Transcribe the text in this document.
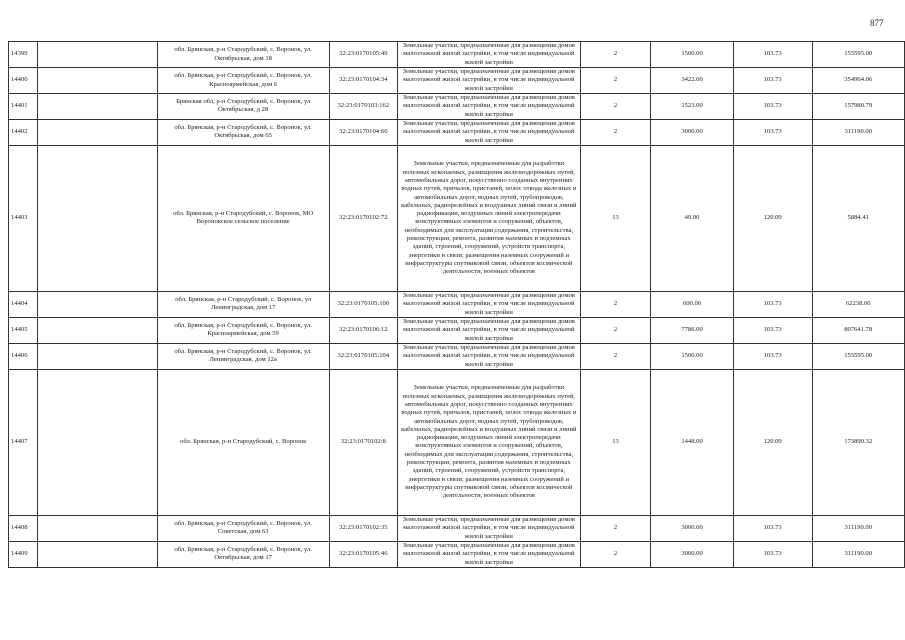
877
14399		обл. Брянская, р-н Стародубский, с. Воронок, ул. Октябрьская, дом 18	32:23:0170105:49	Земельные участки, предназначенные для размещения домов малоэтажной жилой застройки, в том числе индивидуальной жилой застройки	2	1500.00	103.73	155595.00
14400		обл. Брянская, р-н Стародубский, с. Воронок, ул. Красноармейская, дом 6	32:23:0170104:34	Земельные участки, предназначенные для размещения домов малоэтажной жилой застройки, в том числе индивидуальной жилой застройки	2	3422.00	103.73	354964.06
14401		Брянская обл, р-н Стародубский, с. Воронок, ул Октябрьская, д 28	32:23:0170103:162	Земельные участки, предназначенные для размещения домов малоэтажной жилой застройки, в том числе индивидуальной жилой застройки	2	1523.00	103.73	157980.79
14402		обл. Брянская, р-н Стародубский, с. Воронок, ул. Октябрьская, дом 65	32:23:0170104:60	Земельные участки, предназначенные для размещения домов малоэтажной жилой застройки, в том числе индивидуальной жилой застройки	2	3000.00	103.73	311190.00
14403		обл. Брянская, р-н Стародубский, с. Воронок, МО Воронокское сельское поселение	32:23:0170102:72	Земельные участки, предназначенные для разработки полезных ископаемых, размещения железнодорожных путей, автомобильных дорог, искусственно созданных внутренних водных путей, причалов, пристаней, полос отвода железных и автомобильных дорог, водных путей, трубопроводов, кабельных, радиорелейных и воздушных линий связи и линий радиофикации, воздушных линий электропередачи конструктивных элементов и сооружений, объектов, необходимых для эксплуатации,содержания, строительства, реконструкции, ремонта, развития наземных и подземных зданий, строений, сооружений, устройств транспорта, энергетики и связи; размещения наземных сооружений и инфраструктуры спутниковой связи, объектов космической деятельности, военных объектов	13	49.00	120.09	5884.41
14404		обл. Брянская, р-н Стародубский, с. Воронок, ул Ленинградская, дом 17	32:23:0170105:100	Земельные участки, предназначенные для размещения домов малоэтажной жилой застройки, в том числе индивидуальной жилой застройки	2	600.00	103.73	62238.00
14405		обл. Брянская, р-н Стародубский, с. Воронок, ул. Красноармейская, дом 59	32:23:0170106:12	Земельные участки, предназначенные для размещения домов малоэтажной жилой застройки, в том числе индивидуальной жилой застройки	2	7786.00	103.73	807641.78
14406		обл. Брянская, р-н Стародубский, с. Воронок, ул. Ленинградская, дом 12а	32:23:0170105:104	Земельные участки, предназначенные для размещения домов малоэтажной жилой застройки, в том числе индивидуальной жилой застройки	2	1500.00	103.73	155595.00
14407		обл. Брянская, р-н Стародубский, с. Воронок	32:23:0170102:8	Земельные участки, предназначенные для разработки полезных ископаемых, размещения железнодорожных путей, автомобильных дорог, искусственно созданных внутренних водных путей, причалов, пристаней, полос отвода железных и автомобильных дорог, водных путей, трубопроводов, кабельных, радиорелейных и воздушных линий связи и линий радиофикации, воздушных линий электропередачи конструктивных элементов и сооружений, объектов, необходимых для эксплуатации,содержания, строительства, реконструкции, ремонта, развития наземных и подземных зданий, строений, сооружений, устройств транспорта, энергетики и связи; размещения наземных сооружений и инфраструктуры спутниковой связи, объектов космической деятельности, военных объектов	13	1448.00	120.09	173890.32
14408		обл. Брянская, р-н Стародубский, с. Воронок, ул. Советская, дом 63	32:23:0170102:35	Земельные участки, предназначенные для размещения домов малоэтажной жилой застройки, в том числе индивидуальной жилой застройки	2	3000.00	103.73	311190.00
14409		обл. Брянская, р-н Стародубский, с. Воронок, ул. Октябрьская, дом 17	32:23:0170105:46	Земельные участки, предназначенные для размещения домов малоэтажной жилой застройки, в том числе индивидуальной жилой застройки	2	3000.00	103.73	311190.00
